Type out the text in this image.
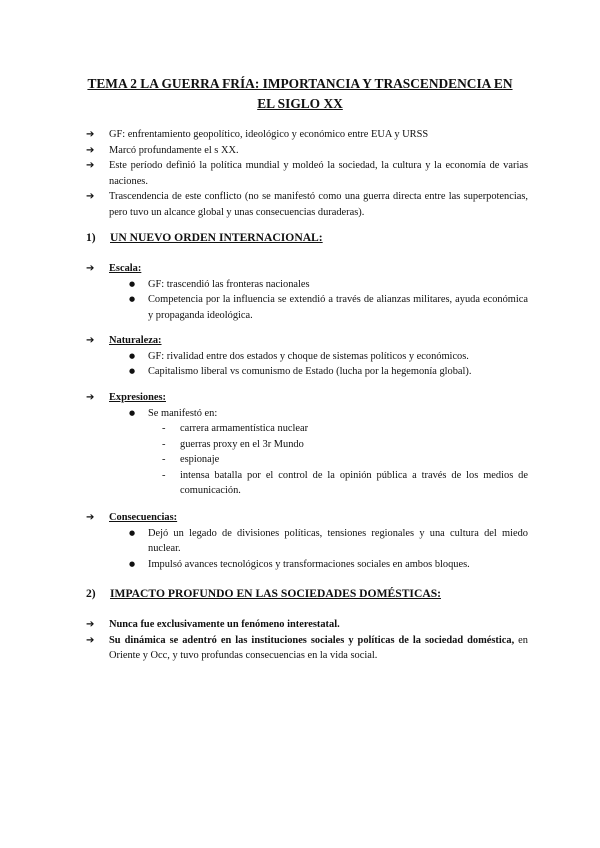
TEMA 2 LA GUERRA FRÍA: IMPORTANCIA Y TRASCENDENCIA EN
EL SIGLO XX
➔ GF: enfrentamiento geopolítico, ideológico y económico entre EUA y URSS
➔ Marcó profundamente el s XX.
➔ Este período definió la política mundial y moldeó la sociedad, la cultura y la economía de varias naciones.
➔ Trascendencia de este conflicto (no se manifestó como una guerra directa entre las superpotencias, pero tuvo un alcance global y unas consecuencias duraderas).
1) UN NUEVO ORDEN INTERNACIONAL:
➔ Escala:
● GF: trascendió las fronteras nacionales
● Competencia por la influencia se extendió a través de alianzas militares, ayuda económica y propaganda ideológica.
➔ Naturaleza:
● GF: rivalidad entre dos estados y choque de sistemas políticos y económicos.
● Capitalismo liberal vs comunismo de Estado (lucha por la hegemonía global).
➔ Expresiones:
● Se manifestó en:
- carrera armamentística nuclear
- guerras proxy en el 3r Mundo
- espionaje
- intensa batalla por el control de la opinión pública a través de los medios de comunicación.
➔ Consecuencias:
● Dejó un legado de divisiones políticas, tensiones regionales y una cultura del miedo nuclear.
● Impulsó avances tecnológicos y transformaciones sociales en ambos bloques.
2) IMPACTO PROFUNDO EN LAS SOCIEDADES DOMÉSTICAS:
➔ Nunca fue exclusivamente un fenómeno interestatal.
➔ Su dinámica se adentró en las instituciones sociales y políticas de la sociedad doméstica, en Oriente y Occ, y tuvo profundas consecuencias en la vida social.
